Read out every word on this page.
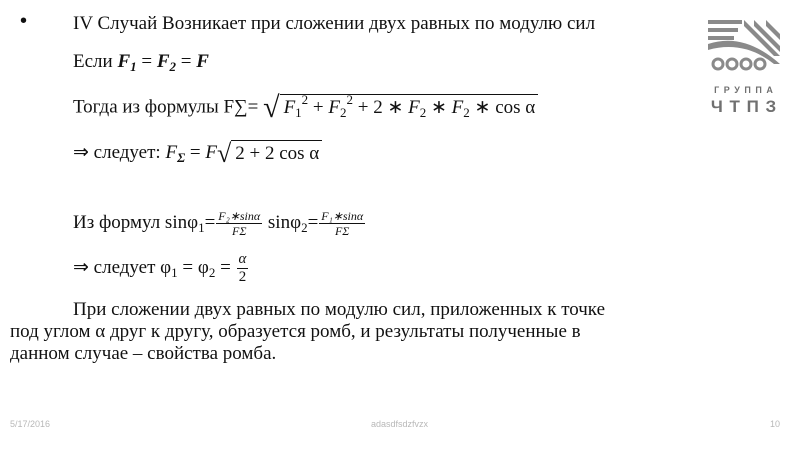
• IV Случай Возникает при сложении двух равных по модулю сил
Если $F_1 = F_2 = F$
Тогда из формулы F∑= √ $F_1^2 + F_2^2 + 2$ ∗ $F_2$ ∗ $F_2$ ∗ cos α
⇒ следует: $F_\Sigma = F√$ 2 + 2 cos α
Из формул $\sin\varphi_1= \frac{\text{F₂∗sinα}}{F\Sigma} \sin\varphi_2= \frac{\text{F₁∗sinα}}{F\Sigma}$
⇒ следует $\varphi_1 = \varphi_2 = \frac{\alpha}{2}$
При сложении двух равных по модулю сил, приложенных к точке
под углом α друг к другу, образуется ромб, и результаты полученные в
данном случае – свойства ромба.
Г Р У П П А
Ч Т П З
5/17/2016	adasdfsdzfvzx	10
